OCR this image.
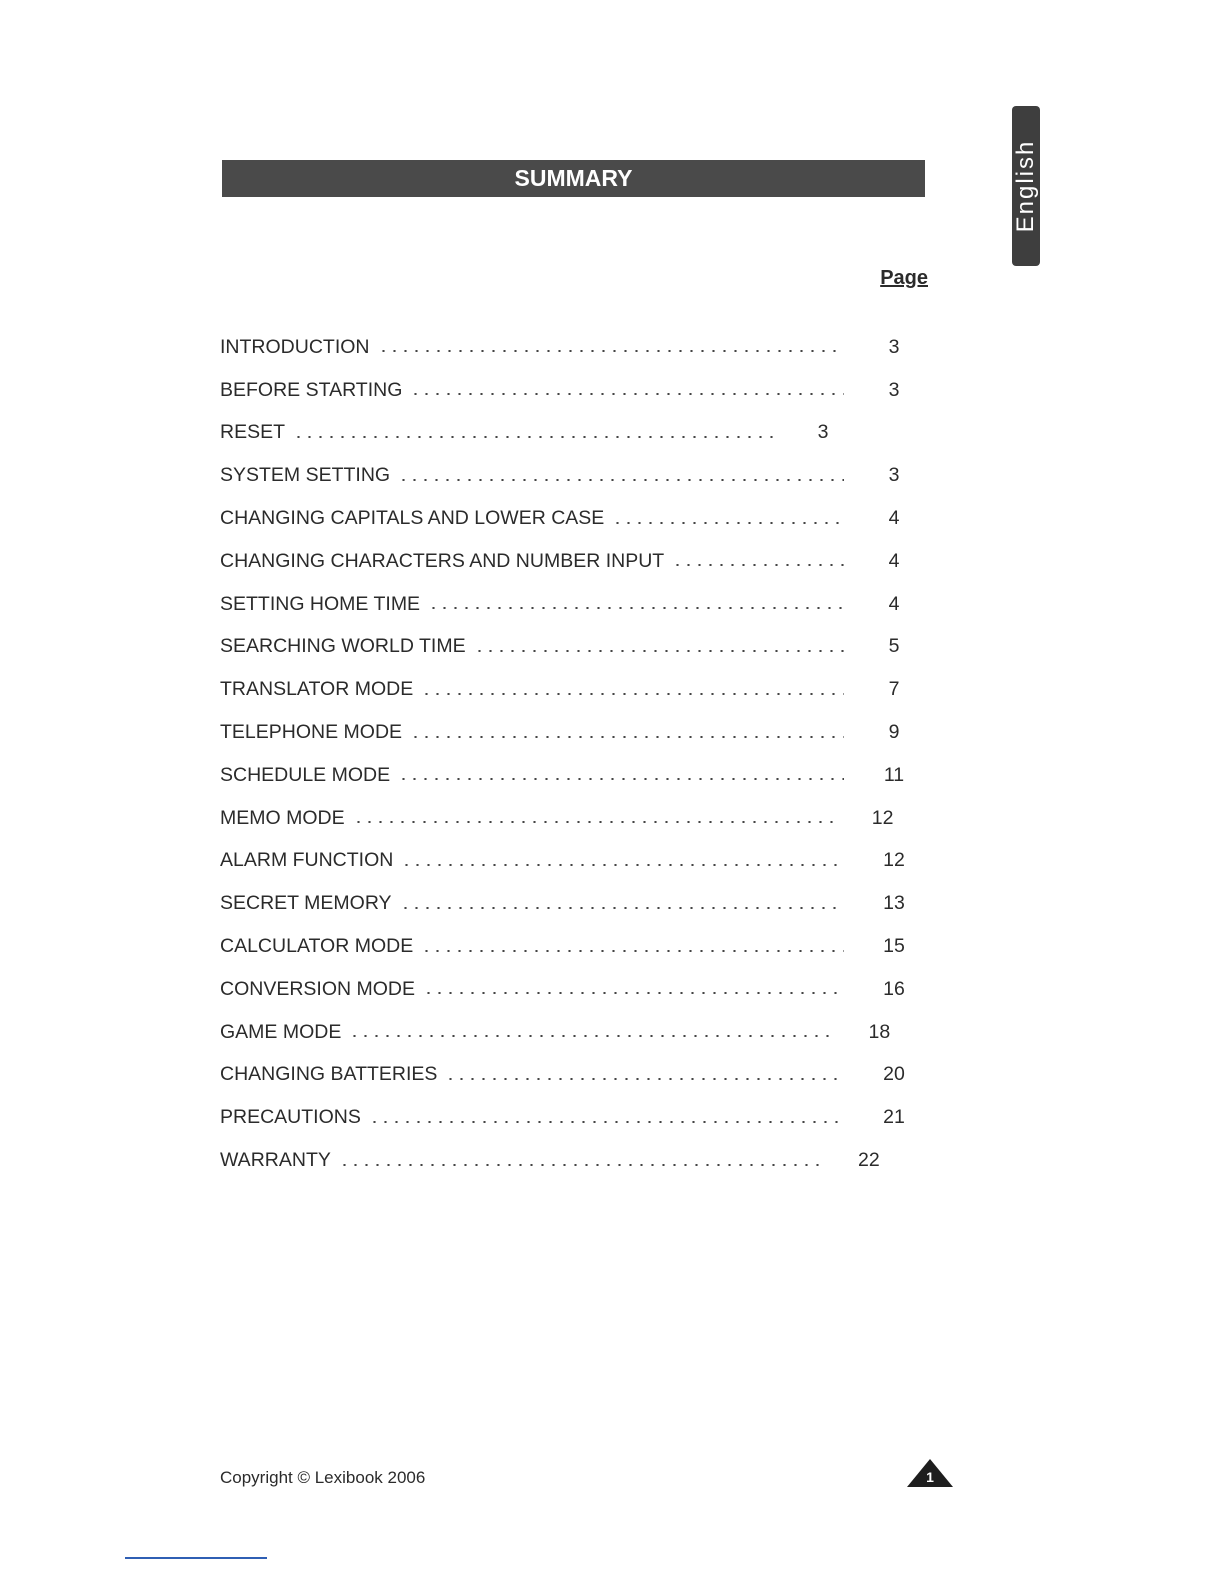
English
SUMMARY
Page
INTRODUCTION	3
BEFORE STARTING	3
RESET	3
SYSTEM SETTING	3
CHANGING CAPITALS AND LOWER CASE	4
CHANGING CHARACTERS AND NUMBER INPUT	4
SETTING HOME TIME	4
SEARCHING WORLD TIME	5
TRANSLATOR MODE	7
TELEPHONE MODE	9
SCHEDULE MODE	11
MEMO MODE	12
ALARM FUNCTION	12
SECRET MEMORY	13
CALCULATOR MODE	15
CONVERSION MODE	16
GAME MODE	18
CHANGING BATTERIES	20
PRECAUTIONS	21
WARRANTY	22
Copyright © Lexibook 2006	1
